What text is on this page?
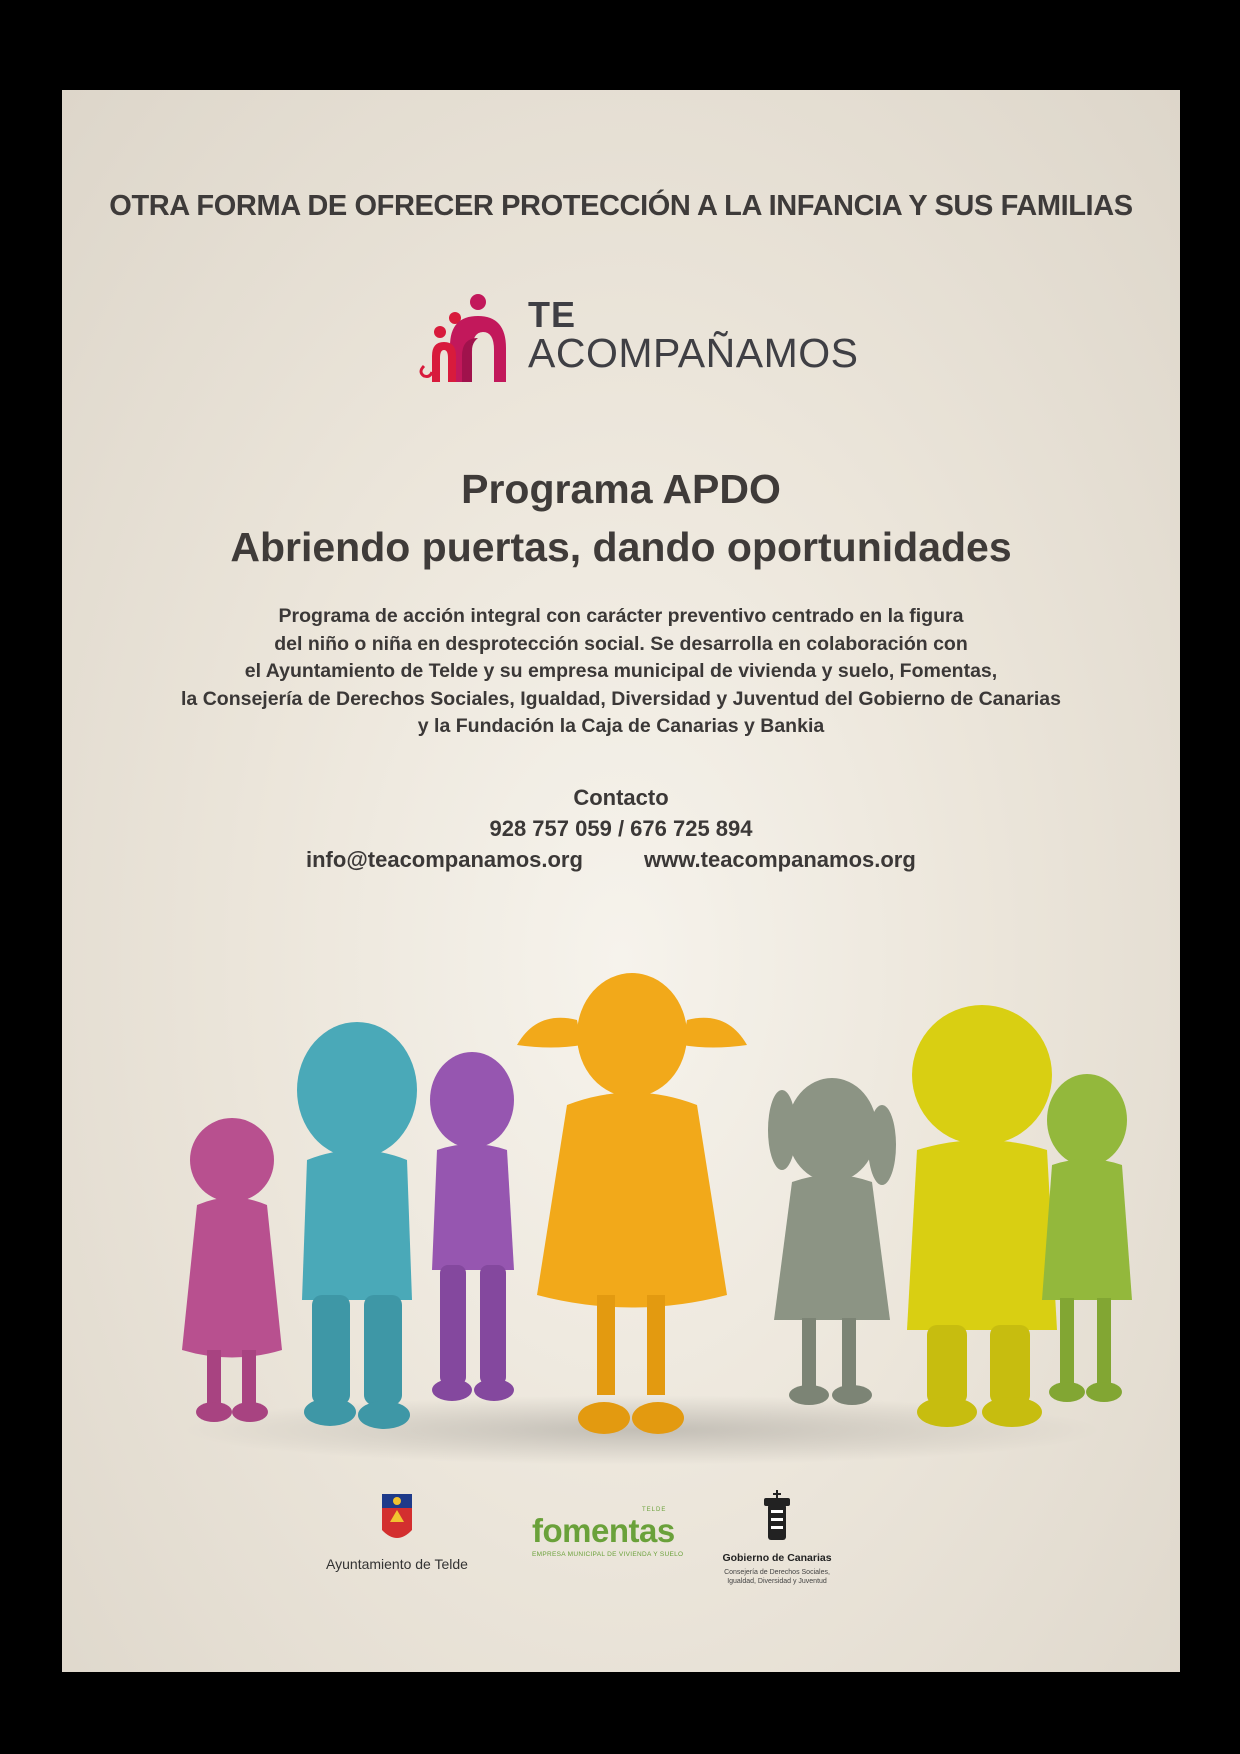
OTRA FORMA DE OFRECER PROTECCIÓN A LA INFANCIA Y SUS FAMILIAS
TE
ACOMPAÑAMOS
Programa APDO
Abriendo puertas, dando oportunidades
Programa de acción integral con carácter preventivo centrado en la figura
del niño o niña en desprotección social. Se desarrolla en colaboración con
el Ayuntamiento de Telde y su empresa municipal de vivienda y suelo, Fomentas,
la Consejería de Derechos Sociales, Igualdad, Diversidad y Juventud del Gobierno de Canarias
y la Fundación la Caja de Canarias y Bankia
Contacto
928 757 059 / 676 725 894
info@teacompanamos.org	www.teacompanamos.org
Ayuntamiento de Telde
TELDE
fomentas
EMPRESA MUNICIPAL DE VIVIENDA Y SUELO	Gobierno de Canarias
Consejería de Derechos Sociales,
Igualdad, Diversidad y Juventud
